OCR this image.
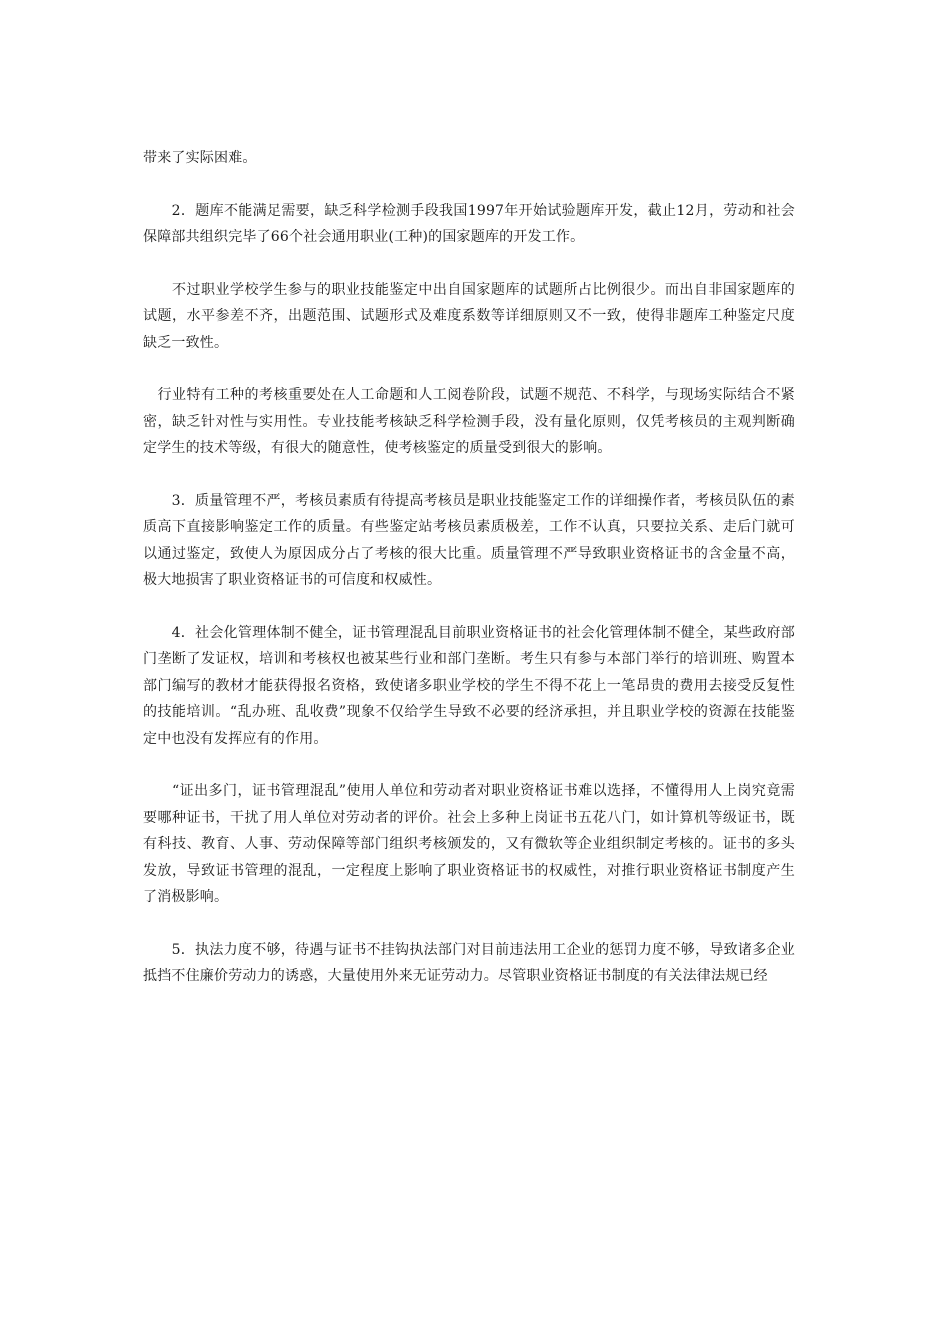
带来了实际困难。

　　2．题库不能满足需要，缺乏科学检测手段我国1997年开始试验题库开发，截止12月，劳动和社会保障部共组织完毕了66个社会通用职业(工种)的国家题库的开发工作。

　　不过职业学校学生参与的职业技能鉴定中出自国家题库的试题所占比例很少。而出自非国家题库的试题，水平参差不齐，出题范围、试题形式及难度系数等详细原则又不一致，使得非题库工种鉴定尺度缺乏一致性。

　行业特有工种的考核重要处在人工命题和人工阅卷阶段，试题不规范、不科学，与现场实际结合不紧密，缺乏针对性与实用性。专业技能考核缺乏科学检测手段，没有量化原则，仅凭考核员的主观判断确定学生的技术等级，有很大的随意性，使考核鉴定的质量受到很大的影响。

　　3．质量管理不严，考核员素质有待提高考核员是职业技能鉴定工作的详细操作者，考核员队伍的素质高下直接影响鉴定工作的质量。有些鉴定站考核员素质极差，工作不认真，只要拉关系、走后门就可以通过鉴定，致使人为原因成分占了考核的很大比重。质量管理不严导致职业资格证书的含金量不高，极大地损害了职业资格证书的可信度和权威性。

　　4．社会化管理体制不健全，证书管理混乱目前职业资格证书的社会化管理体制不健全，某些政府部门垄断了发证权，培训和考核权也被某些行业和部门垄断。考生只有参与本部门举行的培训班、购置本部门编写的教材才能获得报名资格，致使诸多职业学校的学生不得不花上一笔昂贵的费用去接受反复性的技能培训。“乱办班、乱收费”现象不仅给学生导致不必要的经济承担，并且职业学校的资源在技能鉴定中也没有发挥应有的作用。

　　“证出多门，证书管理混乱”使用人单位和劳动者对职业资格证书难以选择，不懂得用人上岗究竟需要哪种证书，干扰了用人单位对劳动者的评价。社会上多种上岗证书五花八门，如计算机等级证书，既有科技、教育、人事、劳动保障等部门组织考核颁发的，又有微软等企业组织制定考核的。证书的多头发放，导致证书管理的混乱，一定程度上影响了职业资格证书的权威性，对推行职业资格证书制度产生了消极影响。

　　5．执法力度不够，待遇与证书不挂钩执法部门对目前违法用工企业的惩罚力度不够，导致诸多企业抵挡不住廉价劳动力的诱惑，大量使用外来无证劳动力。尽管职业资格证书制度的有关法律法规已经
